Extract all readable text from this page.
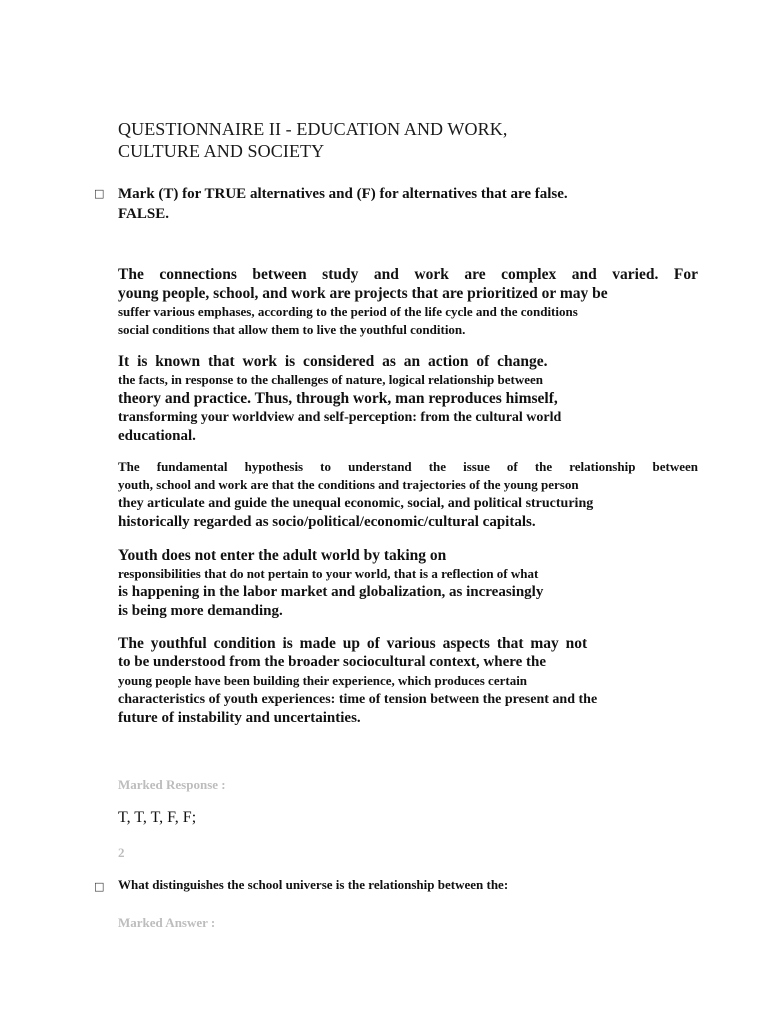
QUESTIONNAIRE II - EDUCATION AND WORK,
CULTURE AND SOCIETY
□ Mark (T) for TRUE alternatives and (F) for alternatives that are false.
FALSE.
The connections between study and work are complex and varied. For
young people, school, and work are projects that are prioritized or may be
suffer various emphases, according to the period of the life cycle and the conditions
social conditions that allow them to live the youthful condition.
It is known that work is considered as an action of change.
the facts, in response to the challenges of nature, logical relationship between
theory and practice. Thus, through work, man reproduces himself,
transforming your worldview and self-perception: from the cultural world
educational.
The fundamental hypothesis to understand the issue of the relationship between
youth, school and work are that the conditions and trajectories of the young person
they articulate and guide the unequal economic, social, and political structuring
historically regarded as socio/political/economic/cultural capitals.
Youth does not enter the adult world by taking on
responsibilities that do not pertain to your world, that is a reflection of what
is happening in the labor market and globalization, as increasingly
is being more demanding.
The youthful condition is made up of various aspects that may not
to be understood from the broader sociocultural context, where the
young people have been building their experience, which produces certain
characteristics of youth experiences: time of tension between the present and the
future of instability and uncertainties.
Marked Response :
T, T, T, F, F;
2
□ What distinguishes the school universe is the relationship between the:
Marked Answer :
